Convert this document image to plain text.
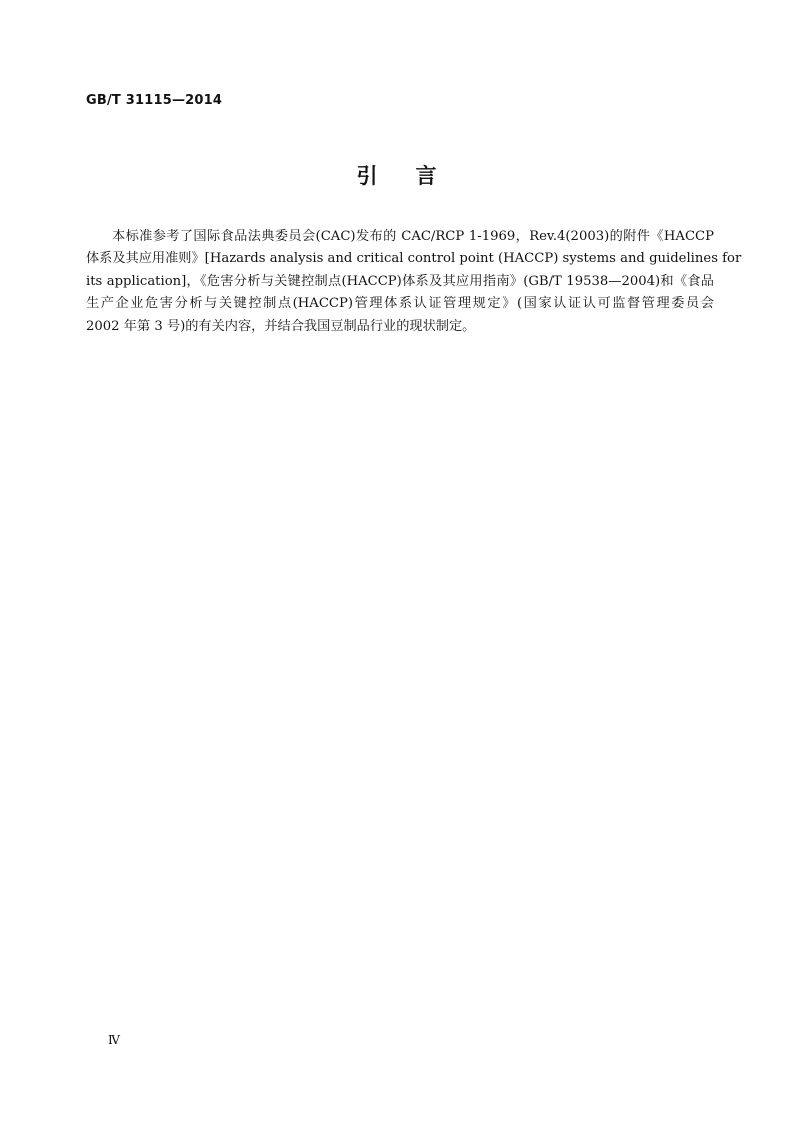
GB/T 31115—2014
引 言
本标准参考了国际食品法典委员会(CAC)发布的 CAC/RCP 1-1969，Rev.4(2003)的附件《HACCP
体系及其应用准则》[Hazards analysis and critical control point (HACCP) systems and guidelines for
its application]，《危害分析与关键控制点(HACCP)体系及其应用指南》(GB/T 19538—2004)和《食品
生产企业危害分析与关键控制点(HACCP)管理体系认证管理规定》(国家认证认可监督管理委员会
2002 年第 3 号)的有关内容，并结合我国豆制品行业的现状制定。
Ⅳ
